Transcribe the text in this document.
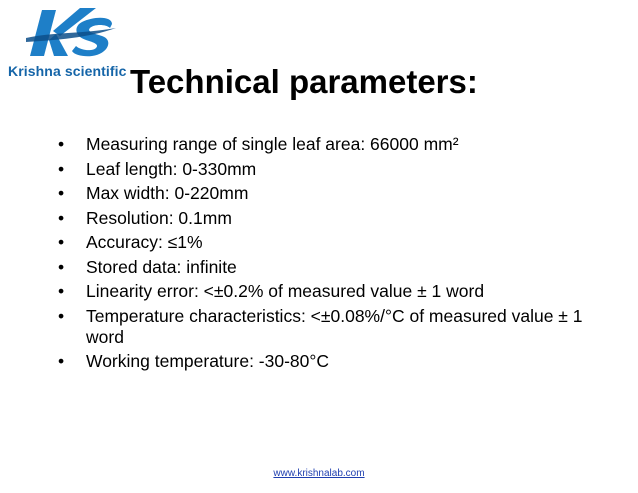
Krishna scientific Technical parameters:
• Measuring range of single leaf area: 66000 mm²
• Leaf length: 0-330mm
• Max width: 0-220mm
• Resolution: 0.1mm
• Accuracy: ≤1%
• Stored data: infinite
• Linearity error: <±0.2% of measured value ± 1 word
• Temperature characteristics: <±0.08%/°C of measured value ± 1 word
• Working temperature: -30-80°C
www.krishnalab.com
